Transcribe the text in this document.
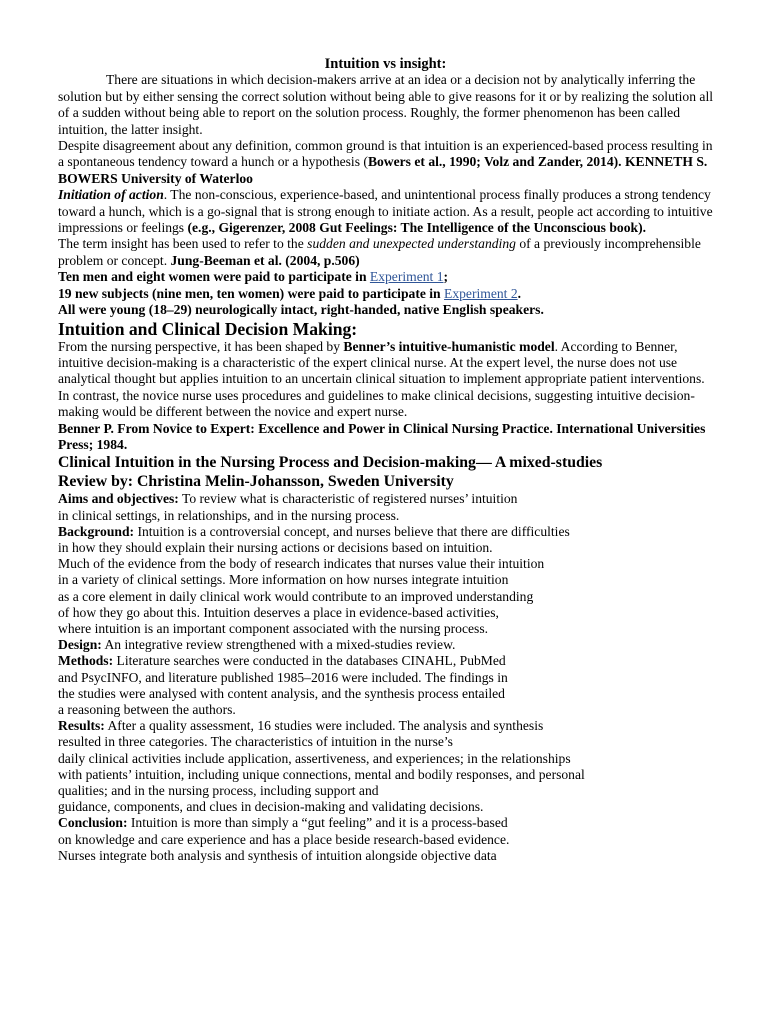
Intuition vs insight:

There are situations in which decision-makers arrive at an idea or a decision not by analytically inferring the solution but by either sensing the correct solution without being able to give reasons for it or by realizing the solution all of a sudden without being able to report on the solution process. Roughly, the former phenomenon has been called intuition, the latter insight.

Despite disagreement about any definition, common ground is that intuition is an experienced-based process resulting in a spontaneous tendency toward a hunch or a hypothesis (Bowers et al., 1990; Volz and Zander, 2014). KENNETH S. BOWERS University of Waterloo

Initiation of action. The non-conscious, experience-based, and unintentional process finally produces a strong tendency toward a hunch, which is a go-signal that is strong enough to initiate action. As a result, people act according to intuitive impressions or feelings (e.g., Gigerenzer, 2008 Gut Feelings: The Intelligence of the Unconscious book).

The term insight has been used to refer to the sudden and unexpected understanding of a previously incomprehensible problem or concept. Jung-Beeman et al. (2004, p.506)

Ten men and eight women were paid to participate in Experiment 1;

19 new subjects (nine men, ten women) were paid to participate in Experiment 2.

All were young (18–29) neurologically intact, right-handed, native English speakers.

Intuition and Clinical Decision Making:

From the nursing perspective, it has been shaped by Benner’s intuitive-humanistic model. According to Benner, intuitive decision-making is a characteristic of the expert clinical nurse. At the expert level, the nurse does not use analytical thought but applies intuition to an uncertain clinical situation to implement appropriate patient interventions. In contrast, the novice nurse uses procedures and guidelines to make clinical decisions, suggesting intuitive decision-making would be different between the novice and expert nurse.

Benner P. From Novice to Expert: Excellence and Power in Clinical Nursing Practice. International Universities Press; 1984.

Clinical Intuition in the Nursing Process and Decision-making— A mixed-studies
Review by: Christina Melin-Johansson, Sweden University

Aims and objectives: To review what is characteristic of registered nurses’ intuition

in clinical settings, in relationships, and in the nursing process.

Background: Intuition is a controversial concept, and nurses believe that there are difficulties

in how they should explain their nursing actions or decisions based on intuition.

Much of the evidence from the body of research indicates that nurses value their intuition

in a variety of clinical settings. More information on how nurses integrate intuition

as a core element in daily clinical work would contribute to an improved understanding

of how they go about this. Intuition deserves a place in evidence-based activities,

where intuition is an important component associated with the nursing process.

Design: An integrative review strengthened with a mixed-studies review.

Methods: Literature searches were conducted in the databases CINAHL, PubMed

and PsycINFO, and literature published 1985–2016 were included. The findings in

the studies were analysed with content analysis, and the synthesis process entailed

a reasoning between the authors.

Results: After a quality assessment, 16 studies were included. The analysis and synthesis

resulted in three categories. The characteristics of intuition in the nurse’s

daily clinical activities include application, assertiveness, and experiences; in the relationships

with patients’ intuition, including unique connections, mental and bodily responses, and personal

qualities; and in the nursing process, including support and

guidance, components, and clues in decision-making and validating decisions.

Conclusion: Intuition is more than simply a “gut feeling” and it is a process-based

on knowledge and care experience and has a place beside research-based evidence.

Nurses integrate both analysis and synthesis of intuition alongside objective data
